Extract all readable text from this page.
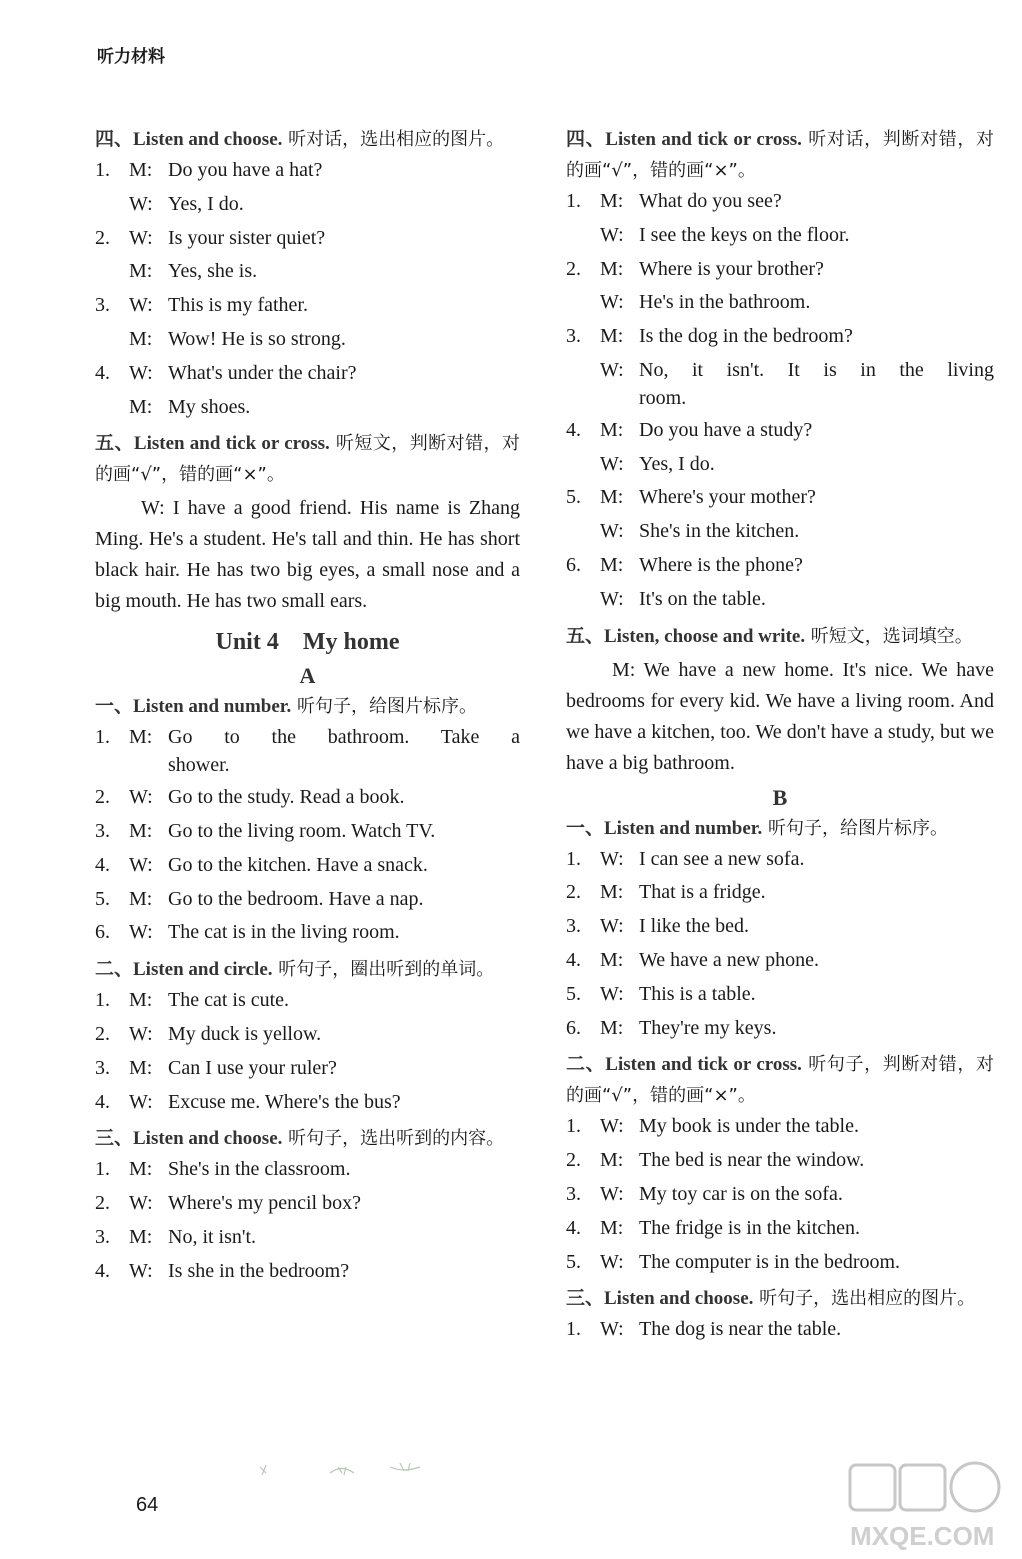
听力材料
四、Listen and choose. 听对话，选出相应的图片。
1. M: Do you have a hat?
W: Yes, I do.
2. W: Is your sister quiet?
M: Yes, she is.
3. W: This is my father.
M: Wow! He is so strong.
4. W: What's under the chair?
M: My shoes.
五、Listen and tick or cross. 听短文，判断对错，对的画“√”，错的画“×”。
W: I have a good friend. His name is Zhang Ming. He's a student. He's tall and thin. He has short black hair. He has two big eyes, a small nose and a big mouth. He has two small ears.
Unit 4　My home
A
一、Listen and number. 听句子，给图片标序。
1. M: Go to the bathroom. Take a
shower.
2. W: Go to the study. Read a book.
3. M: Go to the living room. Watch TV.
4. W: Go to the kitchen. Have a snack.
5. M: Go to the bedroom. Have a nap.
6. W: The cat is in the living room.
二、Listen and circle. 听句子，圈出听到的单词。
1. M: The cat is cute.
2. W: My duck is yellow.
3. M: Can I use your ruler?
4. W: Excuse me. Where's the bus?
三、Listen and choose. 听句子，选出听到的内容。
1. M: She's in the classroom.
2. W: Where's my pencil box?
3. M: No, it isn't.
4. W: Is she in the bedroom?
四、Listen and tick or cross. 听对话，判断对错，对的画“√”，错的画“×”。
1. M: What do you see?
W: I see the keys on the floor.
2. M: Where is your brother?
W: He's in the bathroom.
3. M: Is the dog in the bedroom?
W: No, it isn't. It is in the living
room.
4. M: Do you have a study?
W: Yes, I do.
5. M: Where's your mother?
W: She's in the kitchen.
6. M: Where is the phone?
W: It's on the table.
五、Listen, choose and write. 听短文，选词填空。
M: We have a new home. It's nice. We have bedrooms for every kid. We have a living room. And we have a kitchen, too. We don't have a study, but we have a big bathroom.
B
一、Listen and number. 听句子，给图片标序。
1. W: I can see a new sofa.
2. M: That is a fridge.
3. W: I like the bed.
4. M: We have a new phone.
5. W: This is a table.
6. M: They're my keys.
二、Listen and tick or cross. 听句子，判断对错，对的画“√”，错的画“×”。
1. W: My book is under the table.
2. M: The bed is near the window.
3. W: My toy car is on the sofa.
4. M: The fridge is in the kitchen.
5. W: The computer is in the bedroom.
三、Listen and choose. 听句子，选出相应的图片。
1. W: The dog is near the table.
64
MXQE.COM
